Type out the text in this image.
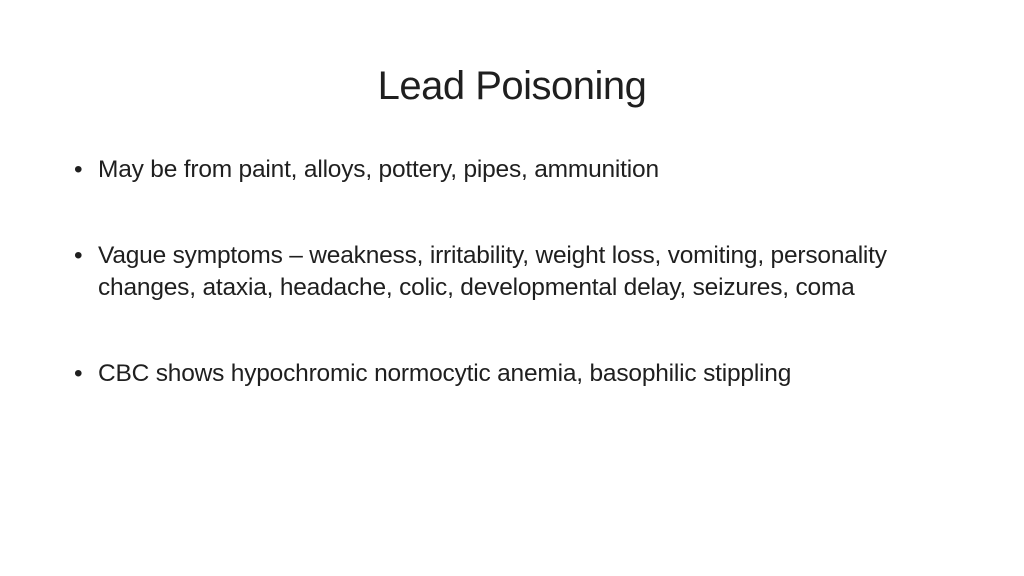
Lead Poisoning
• May be from paint, alloys, pottery, pipes, ammunition
• Vague symptoms – weakness, irritability, weight loss, vomiting, personality changes, ataxia, headache, colic, developmental delay, seizures, coma
• CBC shows hypochromic normocytic anemia, basophilic stippling
